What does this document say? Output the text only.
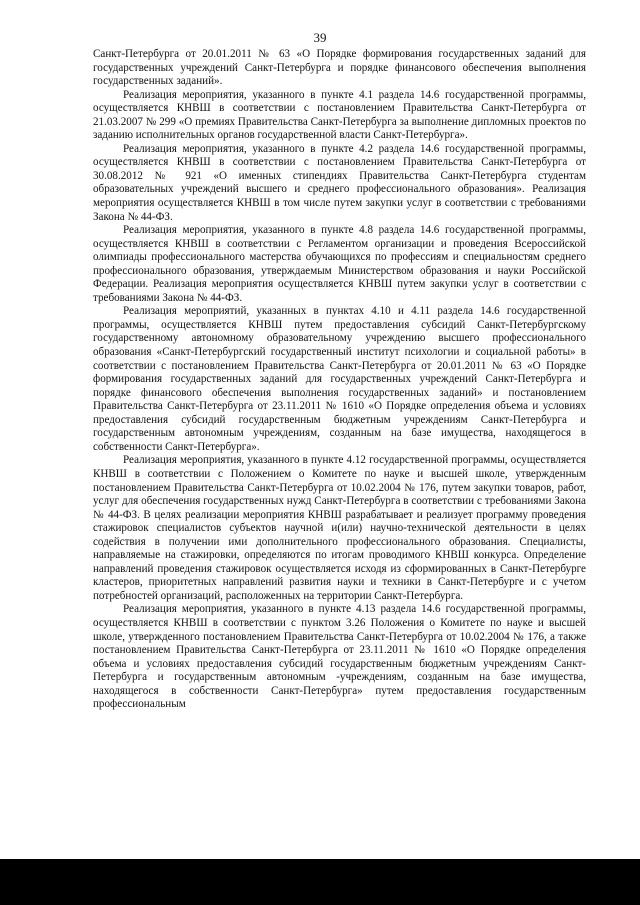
39

Санкт-Петербурга от 20.01.2011 № 63 «О Порядке формирования государственных заданий для государственных учреждений Санкт-Петербурга и порядке финансового обеспечения выполнения государственных заданий».

Реализация мероприятия, указанного в пункте 4.1 раздела 14.6 государственной программы, осуществляется КНВШ в соответствии с постановлением Правительства Санкт-Петербурга от 21.03.2007 № 299 «О премиях Правительства Санкт-Петербурга за выполнение дипломных проектов по заданию исполнительных органов государственной власти Санкт-Петербурга».

Реализация мероприятия, указанного в пункте 4.2 раздела 14.6 государственной программы, осуществляется КНВШ в соответствии с постановлением Правительства Санкт-Петербурга от 30.08.2012 № 921 «О именных стипендиях Правительства Санкт-Петербурга студентам образовательных учреждений высшего и среднего профессионального образования». Реализация мероприятия осуществляется КНВШ в том числе путем закупки услуг в соответствии с требованиями Закона № 44-ФЗ.

Реализация мероприятия, указанного в пункте 4.8 раздела 14.6 государственной программы, осуществляется КНВШ в соответствии с Регламентом организации и проведения Всероссийской олимпиады профессионального мастерства обучающихся по профессиям и специальностям среднего профессионального образования, утверждаемым Министерством образования и науки Российской Федерации. Реализация мероприятия осуществляется КНВШ путем закупки услуг в соответствии с требованиями Закона № 44-ФЗ.

Реализация мероприятий, указанных в пунктах 4.10 и 4.11 раздела 14.6 государственной программы, осуществляется КНВШ путем предоставления субсидий Санкт-Петербургскому государственному автономному образовательному учреждению высшего профессионального образования «Санкт-Петербургский государственный институт психологии и социальной работы» в соответствии с постановлением Правительства Санкт-Петербурга от 20.01.2011 № 63 «О Порядке формирования государственных заданий для государственных учреждений Санкт-Петербурга и порядке финансового обеспечения выполнения государственных заданий» и постановлением Правительства Санкт-Петербурга от 23.11.2011 № 1610 «О Порядке определения объема и условиях предоставления субсидий государственным бюджетным учреждениям Санкт-Петербурга и государственным автономным учреждениям, созданным на базе имущества, находящегося в собственности Санкт-Петербурга».

Реализация мероприятия, указанного в пункте 4.12 государственной программы, осуществляется КНВШ в соответствии с Положением о Комитете по науке и высшей школе, утвержденным постановлением Правительства Санкт-Петербурга от 10.02.2004 № 176, путем закупки товаров, работ, услуг для обеспечения государственных нужд Санкт-Петербурга в соответствии с требованиями Закона № 44-ФЗ. В целях реализации мероприятия КНВШ разрабатывает и реализует программу проведения стажировок специалистов субъектов научной и(или) научно-технической деятельности в целях содействия в получении ими дополнительного профессионального образования. Специалисты, направляемые на стажировки, определяются по итогам проводимого КНВШ конкурса. Определение направлений проведения стажировок осуществляется исходя из сформированных в Санкт-Петербурге кластеров, приоритетных направлений развития науки и техники в Санкт-Петербурге и с учетом потребностей организаций, расположенных на территории Санкт-Петербурга.

Реализация мероприятия, указанного в пункте 4.13 раздела 14.6 государственной программы, осуществляется КНВШ в соответствии с пунктом 3.26 Положения о Комитете по науке и высшей школе, утвержденного постановлением Правительства Санкт-Петербурга от 10.02.2004 № 176, а также постановлением Правительства Санкт-Петербурга от 23.11.2011 № 1610 «О Порядке определения объема и условиях предоставления субсидий государственным бюджетным учреждениям Санкт-Петербурга и государственным автономным -учреждениям, созданным на базе имущества, находящегося в собственности Санкт-Петербурга» путем предоставления государственным профессиональным
